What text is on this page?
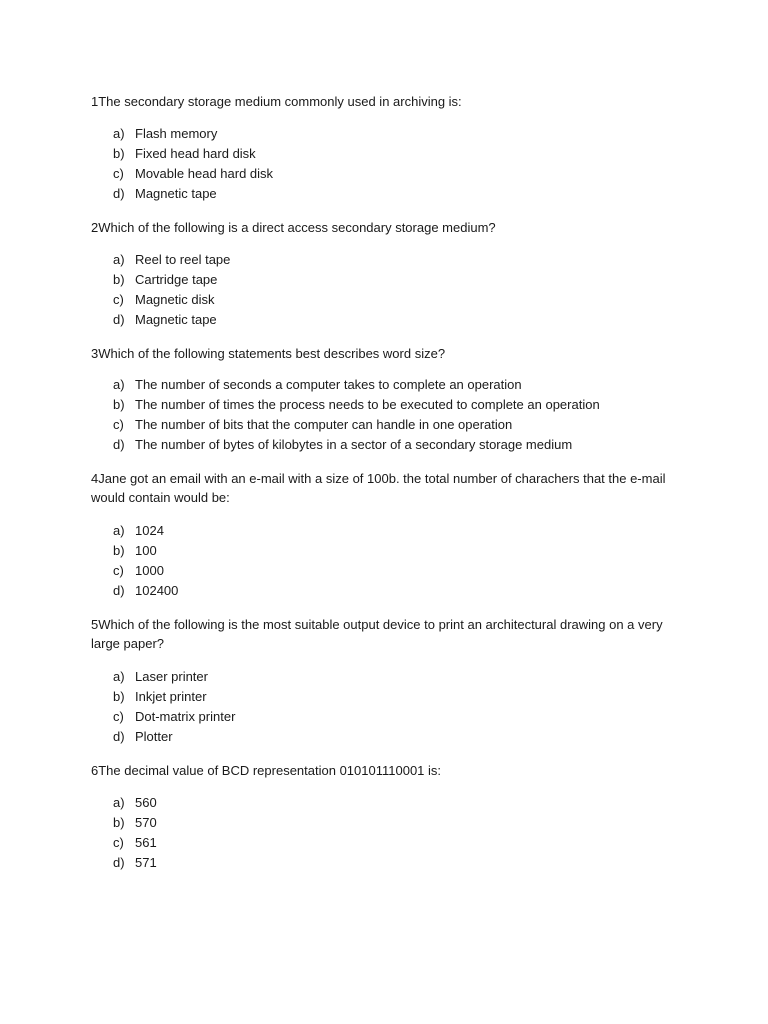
1The secondary storage medium commonly used in archiving is:

a) Flash memory
b) Fixed head hard disk
c) Movable head hard disk
d) Magnetic tape

2Which of the following is a direct access secondary storage medium?

a) Reel to reel tape
b) Cartridge tape
c) Magnetic disk
d) Magnetic tape

3Which of the following statements best describes word size?

a) The number of seconds a computer takes to complete an operation
b) The number of times the process needs to be executed to complete an operation
c) The number of bits that the computer can handle in one operation
d) The number of bytes of kilobytes in a sector of a secondary storage medium

4Jane got an email with an e-mail with a size of 100b. the total number of charachers that the e-mail would contain would be:

a) 1024
b) 100
c) 1000
d) 102400

5Which of the following is the most suitable output device to print an architectural drawing on a very large paper?

a) Laser printer
b) Inkjet printer
c) Dot-matrix printer
d) Plotter

6The decimal value of BCD representation 010101110001 is:

a) 560
b) 570
c) 561
d) 571
